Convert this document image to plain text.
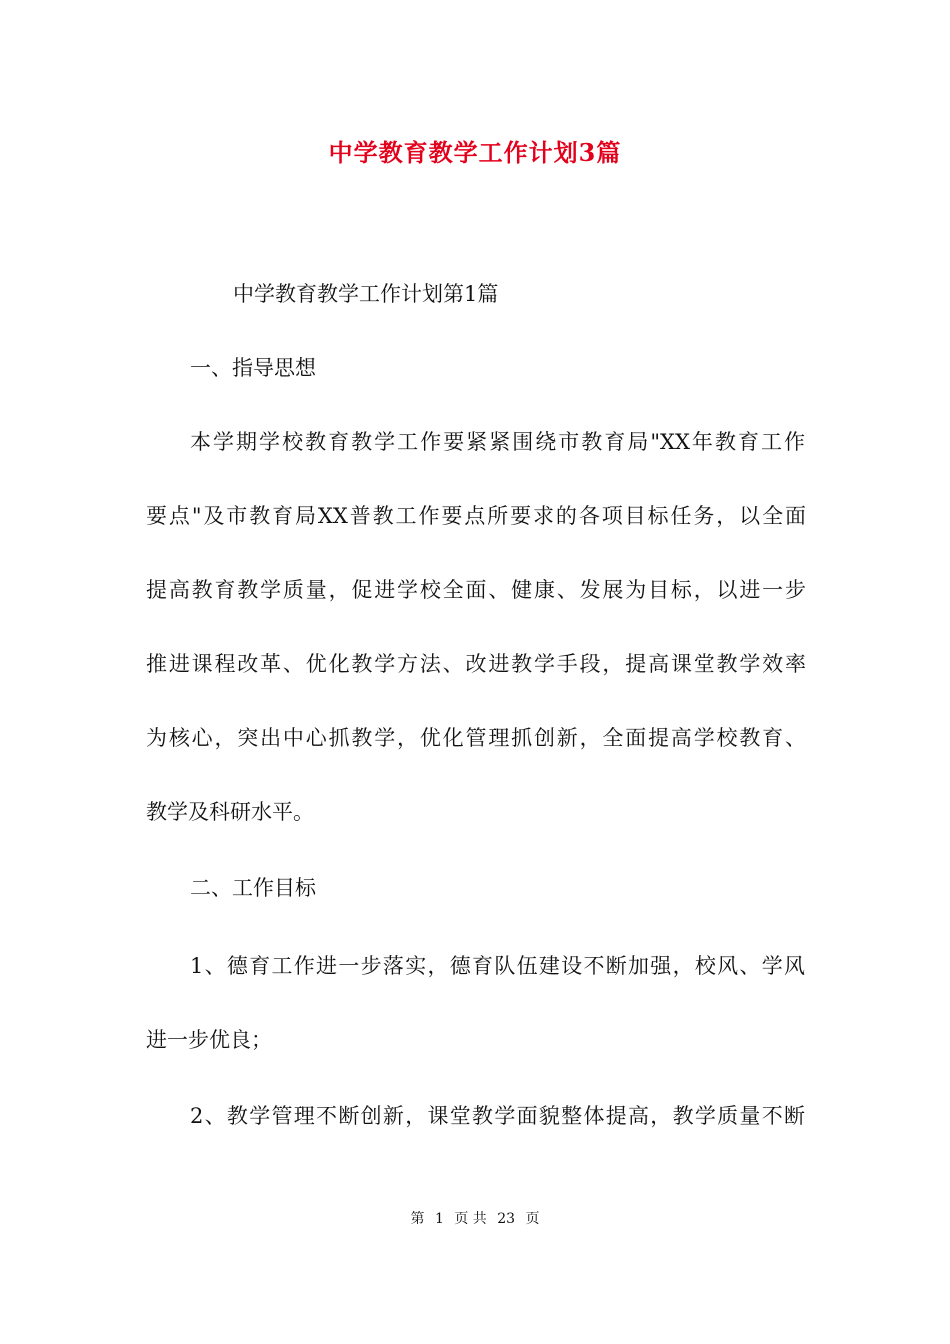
中学教育教学工作计划3篇

中学教育教学工作计划第1篇

一、指导思想

本学期学校教育教学工作要紧紧围绕市教育局"XX年教育工作

要点"及市教育局XX普教工作要点所要求的各项目标任务，以全面

提高教育教学质量，促进学校全面、健康、发展为目标，以进一步

推进课程改革、优化教学方法、改进教学手段，提高课堂教学效率

为核心，突出中心抓教学，优化管理抓创新，全面提高学校教育、

教学及科研水平。

二、工作目标

1、德育工作进一步落实，德育队伍建设不断加强，校风、学风

进一步优良；

2、教学管理不断创新，课堂教学面貌整体提高，教学质量不断

第 1 页 共 23 页
